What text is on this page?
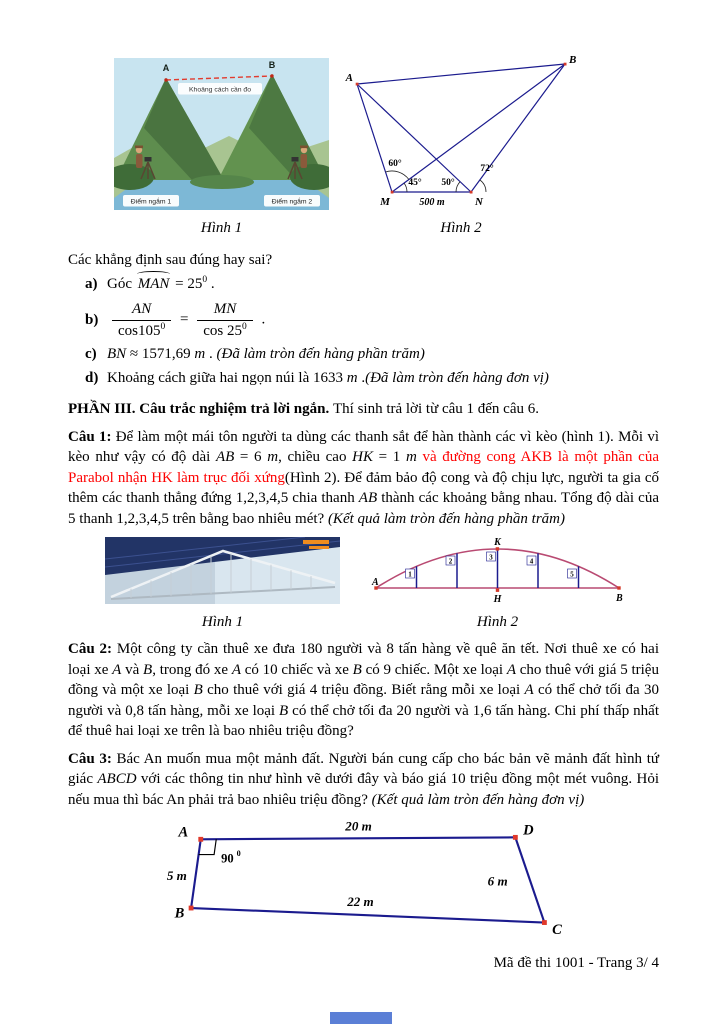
A	B
Khoảng cách cần đo
Điểm ngắm 1	Điểm ngắm 2
Hình 1
A
B
M	N
60°
45° 50°
72°
500 m
Hình 2

Các khẳng định sau đúng hay sai?

a) Góc MAN = $25^0$ .
$b) \frac{AN}{\cos 105^0} = \frac{MN}{\cos 25^0}$ .
c) BN ≈ 1571,69 m . (Đã làm tròn đến hàng phần trăm)
d) Khoảng cách giữa hai ngọn núi là 1633 m .(Đã làm tròn đến hàng đơn vị)

PHẦN III. Câu trắc nghiệm trả lời ngắn. Thí sinh trả lời từ câu 1 đến câu 6.

Câu 1: Để làm một mái tôn người ta dùng các thanh sắt để hàn thành các vì kèo (hình 1). Mỗi vì kèo như vậy có độ dài AB = 6 m, chiều cao HK = 1 m và đường cong AKB là một phần của Parabol nhận HK làm trục đối xứng(Hình 2). Để đảm bảo độ cong và độ chịu lực, người ta gia cố thêm các thanh thẳng đứng 1,2,3,4,5 chia thanh AB thành các khoảng bằng nhau. Tổng độ dài của 5 thanh 1,2,3,4,5 trên bằng bao nhiêu mét? (Kết quả làm tròn đến hàng phần trăm)

Hình 1
1
2	3	4
5
K
A
H	B
Hình 2

Câu 2: Một công ty cần thuê xe đưa 180 người và 8 tấn hàng về quê ăn tết. Nơi thuê xe có hai loại xe A và B, trong đó xe A có 10 chiếc và xe B có 9 chiếc. Một xe loại A cho thuê với giá 5 triệu đồng và một xe loại B cho thuê với giá 4 triệu đồng. Biết rằng mỗi xe loại A có thể chở tối đa 30 người và 0,8 tấn hàng, mỗi xe loại B có thể chở tối đa 20 người và 1,6 tấn hàng. Chi phí thấp nhất để thuê hai loại xe trên là bao nhiêu triệu đồng?

Câu 3: Bác An muốn mua một mảnh đất. Người bán cung cấp cho bác bản vẽ mảnh đất hình tứ giác ABCD với các thông tin như hình vẽ dưới đây và báo giá 10 triệu đồng một mét vuông. Hỏi nếu mua thì bác An phải trả bao nhiêu triệu đồng? (Kết quả làm tròn đến hàng đơn vị)

A	D
B
C
20 m
5 m
22 m
6 m
90 0
Mã đề thi 1001 - Trang 3/ 4
